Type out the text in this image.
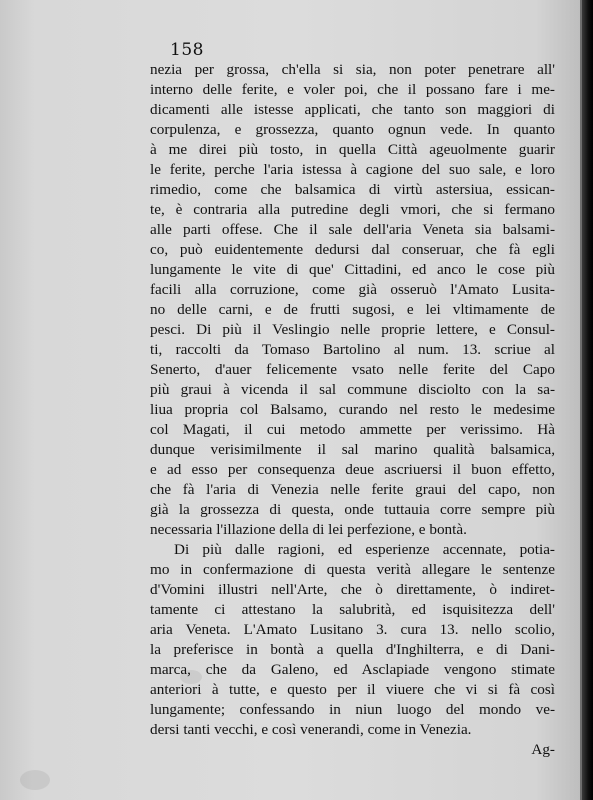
158
nezia per grossa, ch'ella si sia, non poter penetrare all'
interno delle ferite, e voler poi, che il possano fare i me-
dicamenti alle istesse applicati, che tanto son maggiori di
corpulenza, e grossezza, quanto ognun vede. In quanto
à me direi più tosto, in quella Città ageuolmente guarir
le ferite, perche l'aria istessa à cagione del suo sale, e loro
rimedio, come che balsamica di virtù astersiua, essican-
te, è contraria alla putredine degli vmori, che si fermano
alle parti offese. Che il sale dell'aria Veneta sia balsami-
co, può euidentemente dedursi dal conseruar, che fà egli
lungamente le vite di que' Cittadini, ed anco le cose più
facili alla corruzione, come già osseruò l'Amato Lusita-
no delle carni, e de frutti sugosi, e lei vltimamente de
pesci. Di più il Veslingio nelle proprie lettere, e Consul-
ti, raccolti da Tomaso Bartolino al num. 13. scriue al
Senerto, d'auer felicemente vsato nelle ferite del Capo
più graui à vicenda il sal commune disciolto con la sa-
liua propria col Balsamo, curando nel resto le medesime
col Magati, il cui metodo ammette per verissimo. Hà
dunque verisimilmente il sal marino qualità balsamica,
e ad esso per consequenza deue ascriuersi il buon effetto,
che fà l'aria di Venezia nelle ferite graui del capo, non
già la grossezza di questa, onde tuttauia corre sempre più
necessaria l'illazione della di lei perfezione, e bontà.
Di più dalle ragioni, ed esperienze accennate, potia-
mo in confermazione di questa verità allegare le sentenze
d'Vomini illustri nell'Arte, che ò direttamente, ò indiret-
tamente ci attestano la salubrità, ed isquisitezza dell'
aria Veneta. L'Amato Lusitano 3. cura 13. nello scolio,
la preferisce in bontà a quella d'Inghilterra, e di Dani-
marca, che da Galeno, ed Asclapiade vengono stimate
anteriori à tutte, e questo per il viuere che vi si fà così
lungamente; confessando in niun luogo del mondo ve-
dersi tanti vecchi, e così venerandi, come in Venezia.
Ag-
